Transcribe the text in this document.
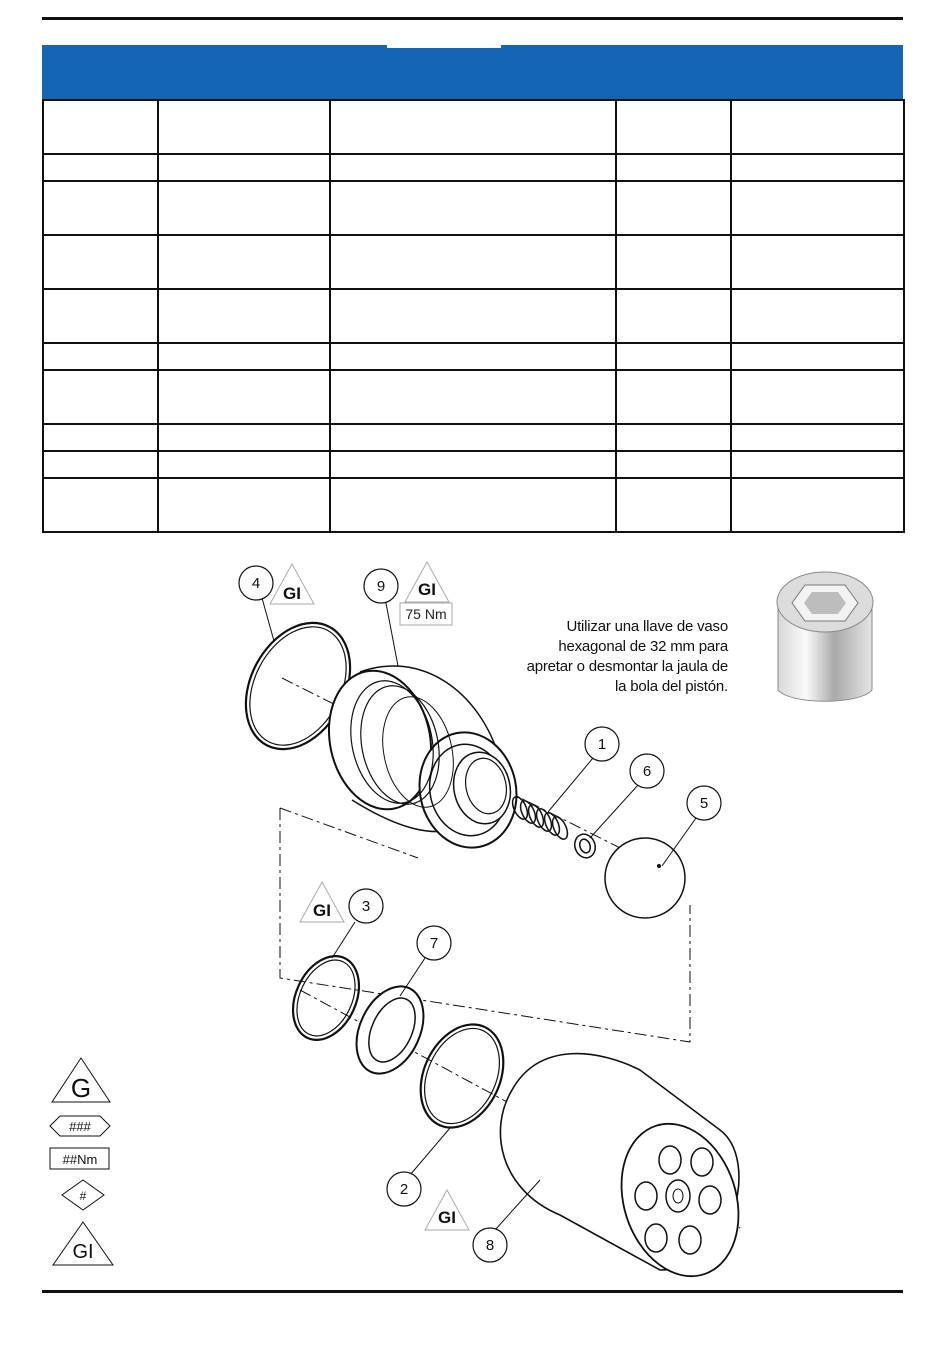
Utilizar una llave de vaso
hexagonal de 32 mm para
apretar o desmontar la jaula de
la bola del pistón.
4	9
1
6
5
3
7
2
8
GI	GI
GI
GI
75 Nm
G
###
##Nm
#
GI
